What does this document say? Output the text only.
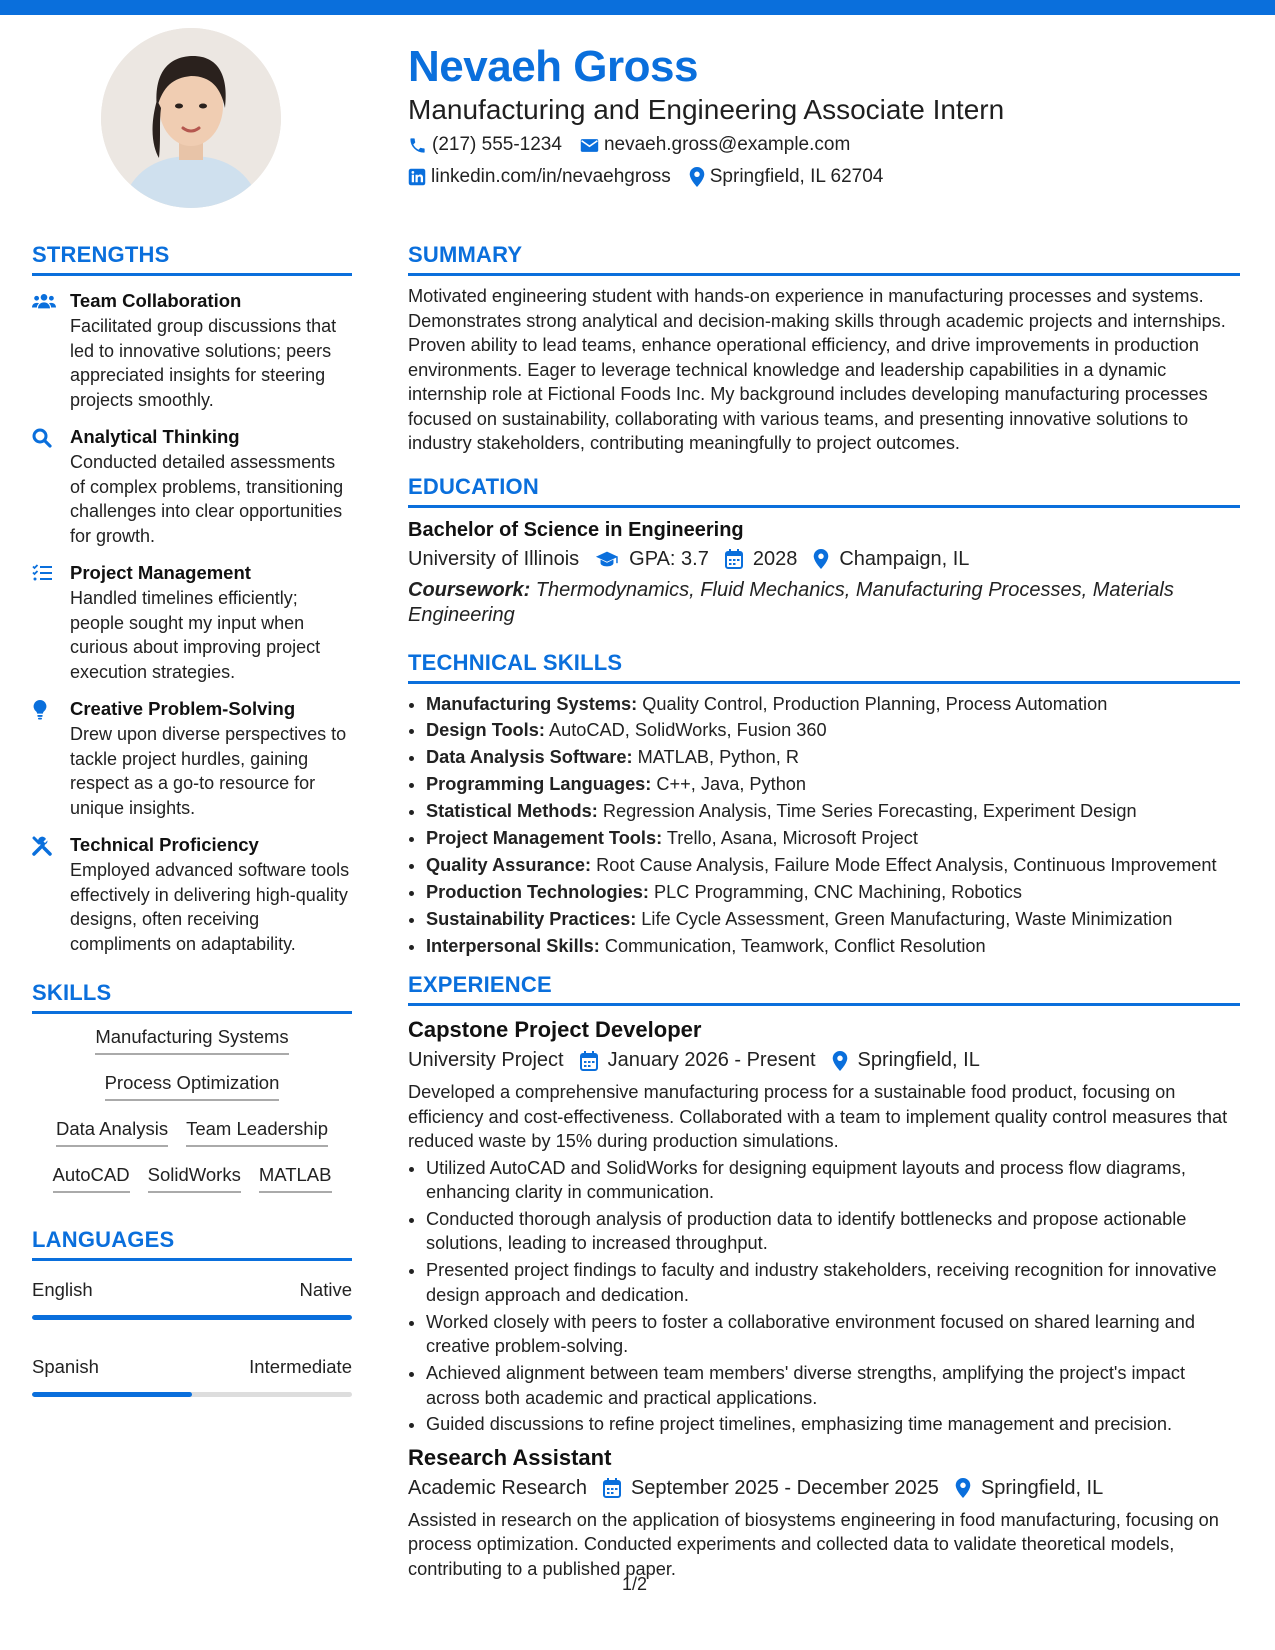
Nevaeh Gross
Manufacturing and Engineering Associate Intern
(217) 555-1234 nevaeh.gross@example.com
linkedin.com/in/nevaehgross Springfield, IL 62704
STRENGTHS
Team Collaboration
Facilitated group discussions that led to innovative solutions; peers appreciated insights for steering projects smoothly.
Analytical Thinking
Conducted detailed assessments of complex problems, transitioning challenges into clear opportunities for growth.
Project Management
Handled timelines efficiently; people sought my input when curious about improving project execution strategies.
Creative Problem-Solving
Drew upon diverse perspectives to tackle project hurdles, gaining respect as a go-to resource for unique insights.
Technical Proficiency
Employed advanced software tools effectively in delivering high-quality designs, often receiving compliments on adaptability.
SKILLS
Manufacturing Systems
Process Optimization
Data Analysis Team Leadership
AutoCAD SolidWorks MATLAB
LANGUAGES
English	Native
Spanish	Intermediate
SUMMARY
Motivated engineering student with hands-on experience in manufacturing processes and systems. Demonstrates strong analytical and decision-making skills through academic projects and internships. Proven ability to lead teams, enhance operational efficiency, and drive improvements in production environments. Eager to leverage technical knowledge and leadership capabilities in a dynamic internship role at Fictional Foods Inc. My background includes developing manufacturing processes focused on sustainability, collaborating with various teams, and presenting innovative solutions to industry stakeholders, contributing meaningfully to project outcomes.
EDUCATION
Bachelor of Science in Engineering
University of Illinois	GPA: 3.7 2028 Champaign, IL
Coursework: Thermodynamics, Fluid Mechanics, Manufacturing Processes, Materials Engineering
TECHNICAL SKILLS
• Manufacturing Systems: Quality Control, Production Planning, Process Automation
• Design Tools: AutoCAD, SolidWorks, Fusion 360
• Data Analysis Software: MATLAB, Python, R
• Programming Languages: C++, Java, Python
• Statistical Methods: Regression Analysis, Time Series Forecasting, Experiment Design
• Project Management Tools: Trello, Asana, Microsoft Project
• Quality Assurance: Root Cause Analysis, Failure Mode Effect Analysis, Continuous Improvement
• Production Technologies: PLC Programming, CNC Machining, Robotics
• Sustainability Practices: Life Cycle Assessment, Green Manufacturing, Waste Minimization
• Interpersonal Skills: Communication, Teamwork, Conflict Resolution
EXPERIENCE
Capstone Project Developer
University Project January 2026 - Present Springfield, IL
Developed a comprehensive manufacturing process for a sustainable food product, focusing on efficiency and cost-effectiveness. Collaborated with a team to implement quality control measures that reduced waste by 15% during production simulations.
• Utilized AutoCAD and SolidWorks for designing equipment layouts and process flow diagrams, enhancing clarity in communication.
• Conducted thorough analysis of production data to identify bottlenecks and propose actionable solutions, leading to increased throughput.
• Presented project findings to faculty and industry stakeholders, receiving recognition for innovative design approach and dedication.
• Worked closely with peers to foster a collaborative environment focused on shared learning and creative problem-solving.
• Achieved alignment between team members' diverse strengths, amplifying the project's impact across both academic and practical applications.
• Guided discussions to refine project timelines, emphasizing time management and precision.
Research Assistant
Academic Research September 2025 - December 2025 Springfield, IL
Assisted in research on the application of biosystems engineering in food manufacturing, focusing on process optimization. Conducted experiments and collected data to validate theoretical models, contributing to a published paper.
1/2
